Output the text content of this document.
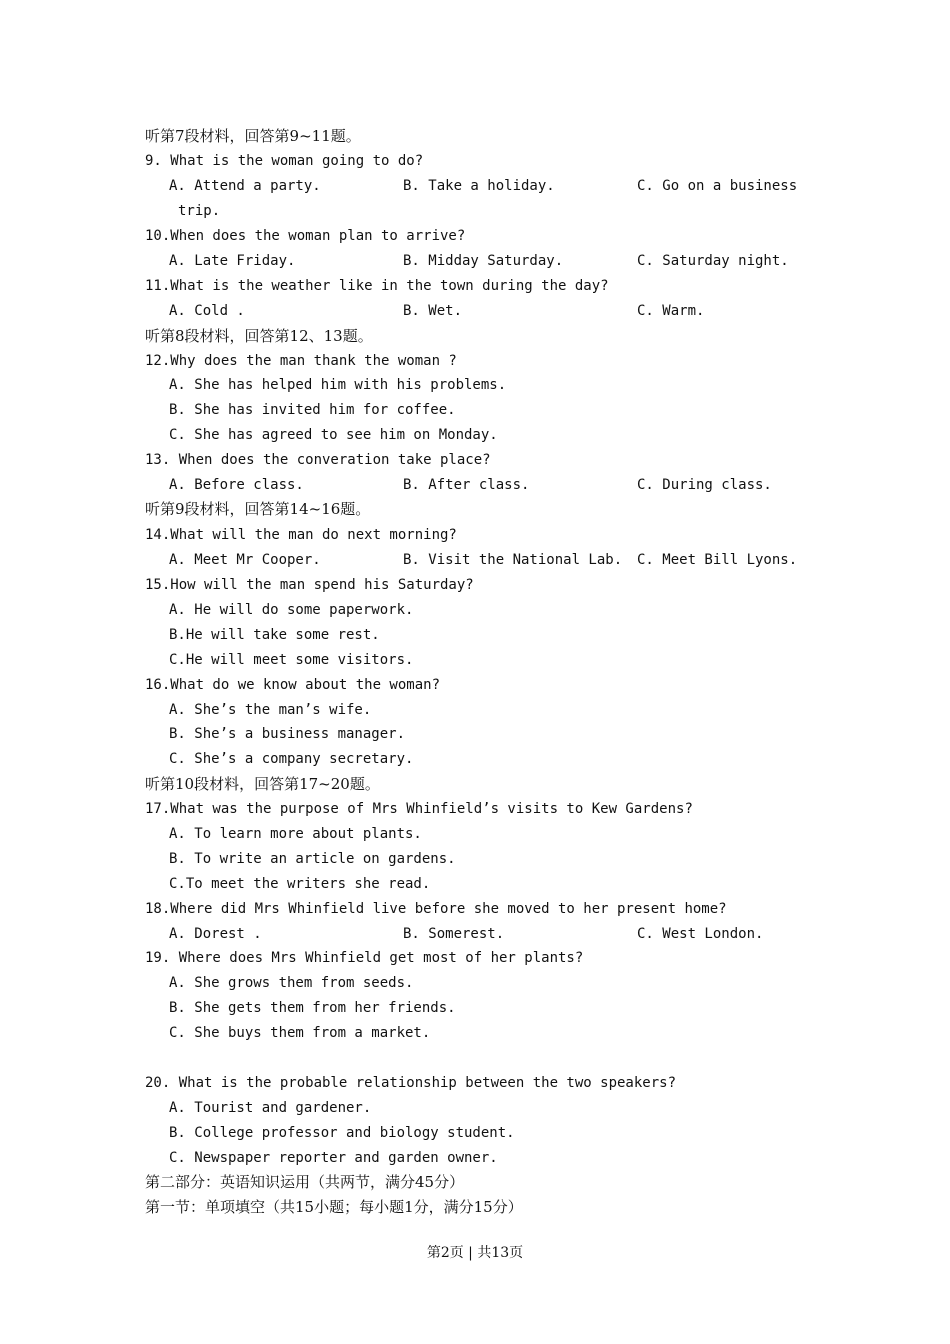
听第7段材料，回答第9~11题。
9. What is the woman going to do?
A. Attend a party.	B. Take a holiday.	C. Go on a business
trip.
10.When does the woman plan to arrive?
A. Late Friday.	B. Midday Saturday.	C. Saturday night.
11.What is the weather like in the town during the day?
A. Cold .	B. Wet.	C. Warm.
听第8段材料，回答第12、13题。
12.Why does the man thank the woman ?
A. She has helped him with his problems.
B. She has invited him for coffee.
C. She has agreed to see him on Monday.
13. When does the converation take place?
A. Before class.	B. After class.	C. During class.
听第9段材料，回答第14~16题。
14.What will the man do next morning?
A. Meet Mr Cooper.	B. Visit the National Lab. C. Meet Bill Lyons.
15.How will the man spend his Saturday?
A. He will do some paperwork.
B.He will take some rest.
C.He will meet some visitors.
16.What do we know about the woman?
A. She’s the man’s wife.
B. She’s a business manager.
C. She’s a company secretary.
听第10段材料，回答第17~20题。
17.What was the purpose of Mrs Whinfield’s visits to Kew Gardens?
A. To learn more about plants.
B. To write an article on gardens.
C.To meet the writers she read.
18.Where did Mrs Whinfield live before she moved to her present home?
A. Dorest .	B. Somerest.	C. West London.
19. Where does Mrs Whinfield get most of her plants?
A. She grows them from seeds.
B. She gets them from her friends.
C. She buys them from a market.
20. What is the probable relationship between the two speakers?
A. Tourist and gardener.
B. College professor and biology student.
C. Newspaper reporter and garden owner.
第二部分：英语知识运用（共两节，满分45分）
第一节：单项填空（共15小题；每小题1分，满分15分）
第2页 | 共13页
